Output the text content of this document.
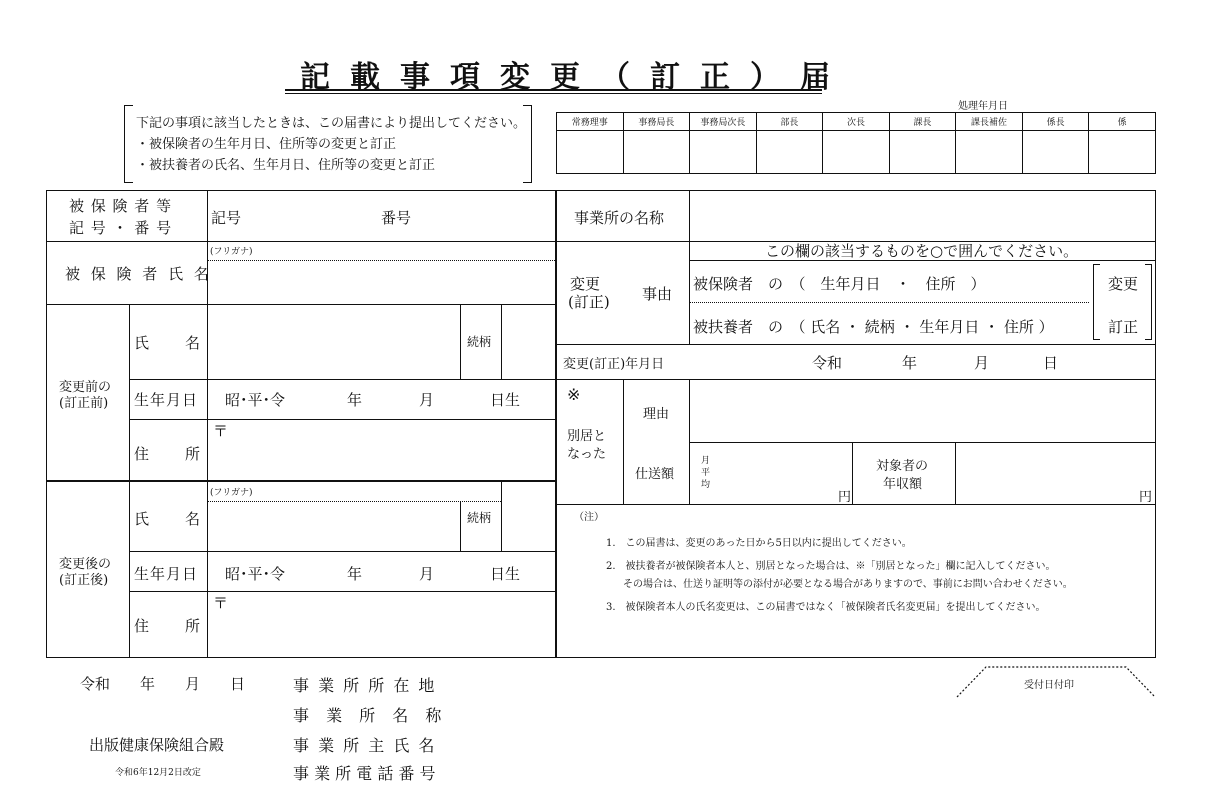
記載事項変更（訂正）届
下記の事項に該当したときは、この届書により提出してください。
・被保険者の生年月日、住所等の変更と訂正
・被扶養者の氏名、生年月日、住所等の変更と訂正
処理年月日
常務理事	事務局長	事務局次長	部長	次長	課長	課長補佐	係長	係

被 保 険 者 等
記 号 ・ 番 号
記号	番号
被 保 険 者 氏 名
(フリガナ)
変更前の
(訂正前)
氏　　名	続柄
生年月日 昭･平･令	年	月	日生
住　　所
〒
変更後の
(訂正後)
氏　　名
(フリガナ)
続柄
生年月日 昭･平･令	年	月	日生
住　　所
〒
事業所の名称
この欄の該当するものを○で囲んでください。
変更
(訂正) 事由
被保険者　の　（　生年月日　・　住所　）
被扶養者　の　（ 氏名 ・ 続柄 ・ 生年月日 ・ 住所 ）
変更
訂正
変更(訂正)年月日	令和	年	月	日
※
別居と
なった
理由
仕送額
月
平
均
円
対象者の
年収額
円
（注）
1.　この届書は、変更のあった日から5日以内に提出してください。
2.　被扶養者が被保険者本人と、別居となった場合は、※「別居となった」欄に記入してください。
その場合は、仕送り証明等の添付が必要となる場合がありますので、事前にお問い合わせください。
3.　被保険者本人の氏名変更は、この届書ではなく「被保険者氏名変更届」を提出してください。
令和　　年　　月　　日	事 業 所 所 在 地
事 業 所 名 称
事 業 所 主 氏 名
事 業 所 電 話 番 号
出版健康保険組合殿
令和6年12月2日改定
受付日付印
